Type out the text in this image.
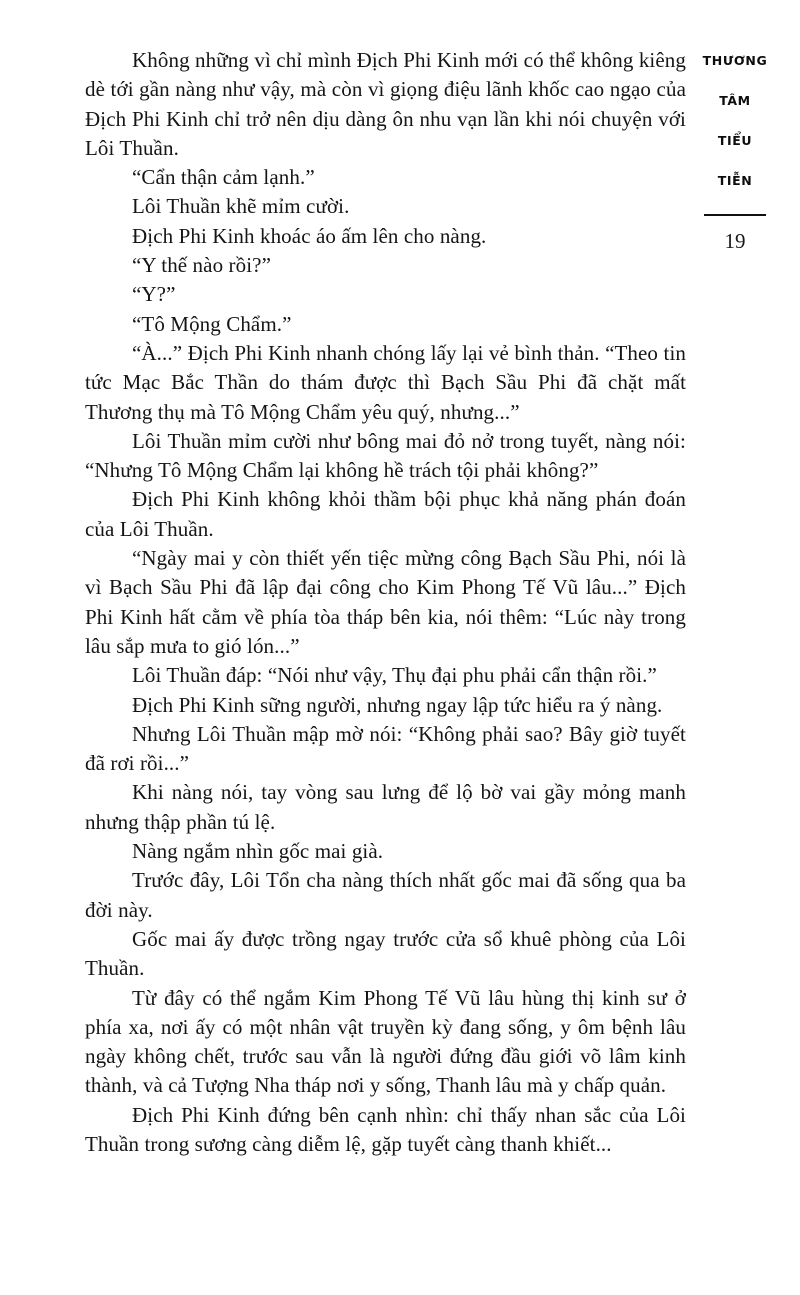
Không những vì chỉ mình Địch Phi Kinh mới có thể không kiêng dè tới gần nàng như vậy, mà còn vì giọng điệu lãnh khốc cao ngạo của Địch Phi Kinh chỉ trở nên dịu dàng ôn nhu vạn lần khi nói chuyện với Lôi Thuần.

“Cẩn thận cảm lạnh.”

Lôi Thuần khẽ mỉm cười.

Địch Phi Kinh khoác áo ấm lên cho nàng.

“Y thế nào rồi?”

“Y?”

“Tô Mộng Chẩm.”

“À...” Địch Phi Kinh nhanh chóng lấy lại vẻ bình thản. “Theo tin tức Mạc Bắc Thần do thám được thì Bạch Sầu Phi đã chặt mất Thương thụ mà Tô Mộng Chẩm yêu quý, nhưng...”

Lôi Thuần mỉm cười như bông mai đỏ nở trong tuyết, nàng nói: “Nhưng Tô Mộng Chẩm lại không hề trách tội phải không?”

Địch Phi Kinh không khỏi thầm bội phục khả năng phán đoán của Lôi Thuần.

“Ngày mai y còn thiết yến tiệc mừng công Bạch Sầu Phi, nói là vì Bạch Sầu Phi đã lập đại công cho Kim Phong Tế Vũ lâu...” Địch Phi Kinh hất cằm về phía tòa tháp bên kia, nói thêm: “Lúc này trong lâu sắp mưa to gió lón...”

Lôi Thuần đáp: “Nói như vậy, Thụ đại phu phải cẩn thận rồi.”

Địch Phi Kinh sững người, nhưng ngay lập tức hiểu ra ý nàng.

Nhưng Lôi Thuần mập mờ nói: “Không phải sao? Bây giờ tuyết đã rơi rồi...”

Khi nàng nói, tay vòng sau lưng để lộ bờ vai gầy mỏng manh nhưng thập phần tú lệ.

Nàng ngắm nhìn gốc mai già.

Trước đây, Lôi Tổn cha nàng thích nhất gốc mai đã sống qua ba đời này.

Gốc mai ấy được trồng ngay trước cửa sổ khuê phòng của Lôi Thuần.

Từ đây có thể ngắm Kim Phong Tế Vũ lâu hùng thị kinh sư ở phía xa, nơi ấy có một nhân vật truyền kỳ đang sống, y ôm bệnh lâu ngày không chết, trước sau vẫn là người đứng đầu giới võ lâm kinh thành, và cả Tượng Nha tháp nơi y sống, Thanh lâu mà y chấp quản.

Địch Phi Kinh đứng bên cạnh nhìn: chỉ thấy nhan sắc của Lôi Thuần trong sương càng diễm lệ, gặp tuyết càng thanh khiết...

THƯƠNG
TÂM
TIỂU
TIỄN
19
